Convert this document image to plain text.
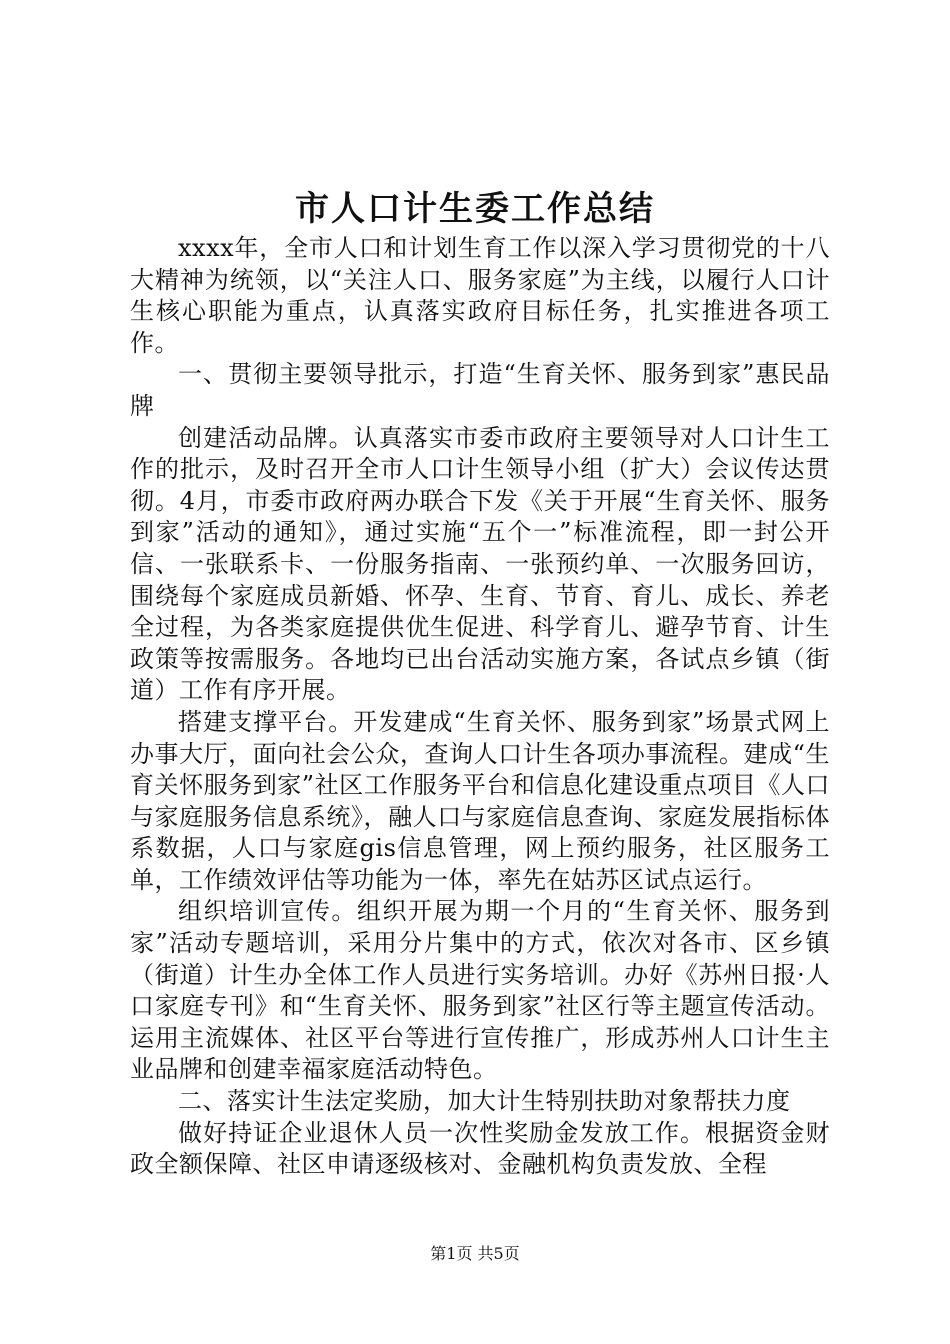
市人口计生委工作总结

xxxx年，全市人口和计划生育工作以深入学习贯彻党的十八大精神为统领，以“关注人口、服务家庭”为主线，以履行人口计生核心职能为重点，认真落实政府目标任务，扎实推进各项工作。

一、贯彻主要领导批示，打造“生育关怀、服务到家”惠民品牌

创建活动品牌。认真落实市委市政府主要领导对人口计生工作的批示，及时召开全市人口计生领导小组（扩大）会议传达贯彻。4月，市委市政府两办联合下发《关于开展“生育关怀、服务到家”活动的通知》，通过实施“五个一”标准流程，即一封公开信、一张联系卡、一份服务指南、一张预约单、一次服务回访，围绕每个家庭成员新婚、怀孕、生育、节育、育儿、成长、养老全过程，为各类家庭提供优生促进、科学育儿、避孕节育、计生政策等按需服务。各地均已出台活动实施方案，各试点乡镇（街道）工作有序开展。

搭建支撑平台。开发建成“生育关怀、服务到家”场景式网上办事大厅，面向社会公众，查询人口计生各项办事流程。建成“生育关怀服务到家”社区工作服务平台和信息化建设重点项目《人口与家庭服务信息系统》，融人口与家庭信息查询、家庭发展指标体系数据，人口与家庭gis信息管理，网上预约服务，社区服务工单，工作绩效评估等功能为一体，率先在姑苏区试点运行。

组织培训宣传。组织开展为期一个月的“生育关怀、服务到家”活动专题培训，采用分片集中的方式，依次对各市、区乡镇（街道）计生办全体工作人员进行实务培训。办好《苏州日报·人口家庭专刊》和“生育关怀、服务到家”社区行等主题宣传活动。运用主流媒体、社区平台等进行宣传推广，形成苏州人口计生主业品牌和创建幸福家庭活动特色。

二、落实计生法定奖励，加大计生特别扶助对象帮扶力度

做好持证企业退休人员一次性奖励金发放工作。根据资金财政全额保障、社区申请逐级核对、金融机构负责发放、全程

第1页 共5页
